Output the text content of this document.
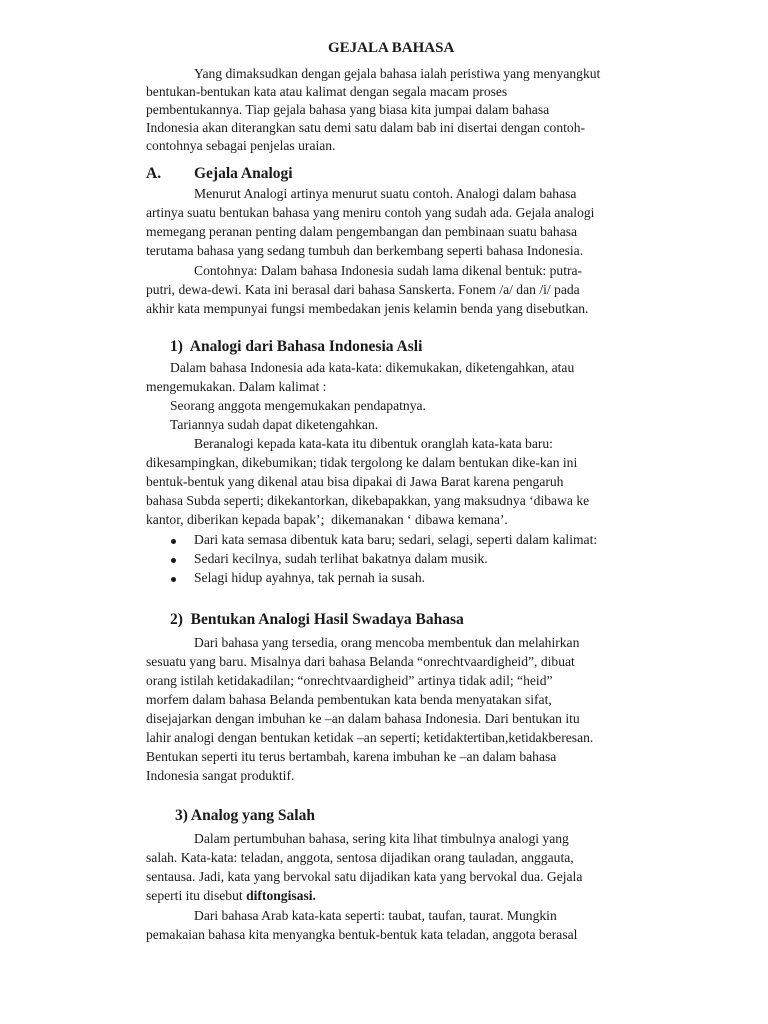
GEJALA BAHASA
Yang dimaksudkan dengan gejala bahasa ialah peristiwa yang menyangkut
bentukan-bentukan kata atau kalimat dengan segala macam proses
pembentukannya. Tiap gejala bahasa yang biasa kita jumpai dalam bahasa
Indonesia akan diterangkan satu demi satu dalam bab ini disertai dengan contoh-
contohnya sebagai penjelas uraian.
A. Gejala Analogi
Menurut Analogi artinya menurut suatu contoh. Analogi dalam bahasa
artinya suatu bentukan bahasa yang meniru contoh yang sudah ada. Gejala analogi
memegang peranan penting dalam pengembangan dan pembinaan suatu bahasa
terutama bahasa yang sedang tumbuh dan berkembang seperti bahasa Indonesia.
Contohnya: Dalam bahasa Indonesia sudah lama dikenal bentuk: putra-
putri, dewa-dewi. Kata ini berasal dari bahasa Sanskerta. Fonem /a/ dan /i/ pada
akhir kata mempunyai fungsi membedakan jenis kelamin benda yang disebutkan.
1)  Analogi dari Bahasa Indonesia Asli
Dalam bahasa Indonesia ada kata-kata: dikemukakan, diketengahkan, atau
mengemukakan. Dalam kalimat :
Seorang anggota mengemukakan pendapatnya.
Tariannya sudah dapat diketengahkan.
Beranalogi kepada kata-kata itu dibentuk oranglah kata-kata baru:
dikesampingkan, dikebumikan; tidak tergolong ke dalam bentukan dike-kan ini
bentuk-bentuk yang dikenal atau bisa dipakai di Jawa Barat karena pengaruh
bahasa Subda seperti; dikekantorkan, dikebapakkan, yang maksudnya ‘dibawa ke
kantor, diberikan kepada bapak’;  dikemanakan ‘ dibawa kemana’.
Dari kata semasa dibentuk kata baru; sedari, selagi, seperti dalam kalimat:
Sedari kecilnya, sudah terlihat bakatnya dalam musik.
Selagi hidup ayahnya, tak pernah ia susah.
2)  Bentukan Analogi Hasil Swadaya Bahasa
Dari bahasa yang tersedia, orang mencoba membentuk dan melahirkan
sesuatu yang baru. Misalnya dari bahasa Belanda “onrechtvaardigheid”, dibuat
orang istilah ketidakadilan; “onrechtvaardigheid” artinya tidak adil; “heid”
morfem dalam bahasa Belanda pembentukan kata benda menyatakan sifat,
disejajarkan dengan imbuhan ke –an dalam bahasa Indonesia. Dari bentukan itu
lahir analogi dengan bentukan ketidak –an seperti; ketidaktertiban,ketidakberesan.
Bentukan seperti itu terus bertambah, karena imbuhan ke –an dalam bahasa
Indonesia sangat produktif.
3) Analog yang Salah
Dalam pertumbuhan bahasa, sering kita lihat timbulnya analogi yang
salah. Kata-kata: teladan, anggota, sentosa dijadikan orang tauladan, anggauta,
sentausa. Jadi, kata yang bervokal satu dijadikan kata yang bervokal dua. Gejala
seperti itu disebut diftongisasi.
Dari bahasa Arab kata-kata seperti: taubat, taufan, taurat. Mungkin
pemakaian bahasa kita menyangka bentuk-bentuk kata teladan, anggota berasal
